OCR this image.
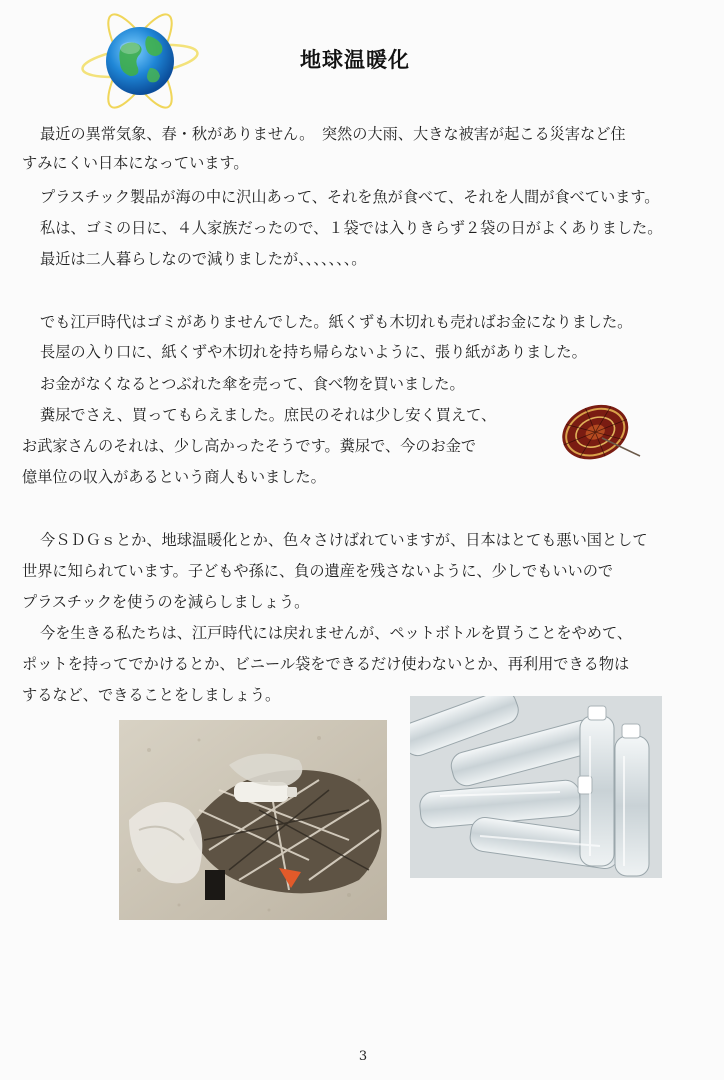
地球温暖化
最近の異常気象、春・秋がありません。　突然の大雨、大きな被害が起こる災害など住
すみにくい日本になっています。
プラスチック製品が海の中に沢山あって、それを魚が食べて、それを人間が食べています。
私は、ゴミの日に、４人家族だったので、１袋では入りきらず２袋の日がよくありました。
最近は二人暮らしなので減りましたが、、、、、、、。
でも江戸時代はゴミがありませんでした。紙くずも木切れも売ればお金になりました。
長屋の入り口に、紙くずや木切れを持ち帰らないように、張り紙がありました。
お金がなくなるとつぶれた傘を売って、食べ物を買いました。
糞尿でさえ、買ってもらえました。庶民のそれは少し安く買えて、
お武家さんのそれは、少し高かったそうです。糞尿で、今のお金で
億単位の収入があるという商人もいました。
今ＳＤＧｓとか、地球温暖化とか、色々さけばれていますが、日本はとても悪い国として
世界に知られています。子どもや孫に、負の遺産を残さないように、少しでもいいので
プラスチックを使うのを減らしましょう。
今を生きる私たちは、江戸時代には戻れませんが、ペットボトルを買うことをやめて、
ポットを持ってでかけるとか、ビニール袋をできるだけ使わないとか、再利用できる物は
するなど、できることをしましょう。
3
